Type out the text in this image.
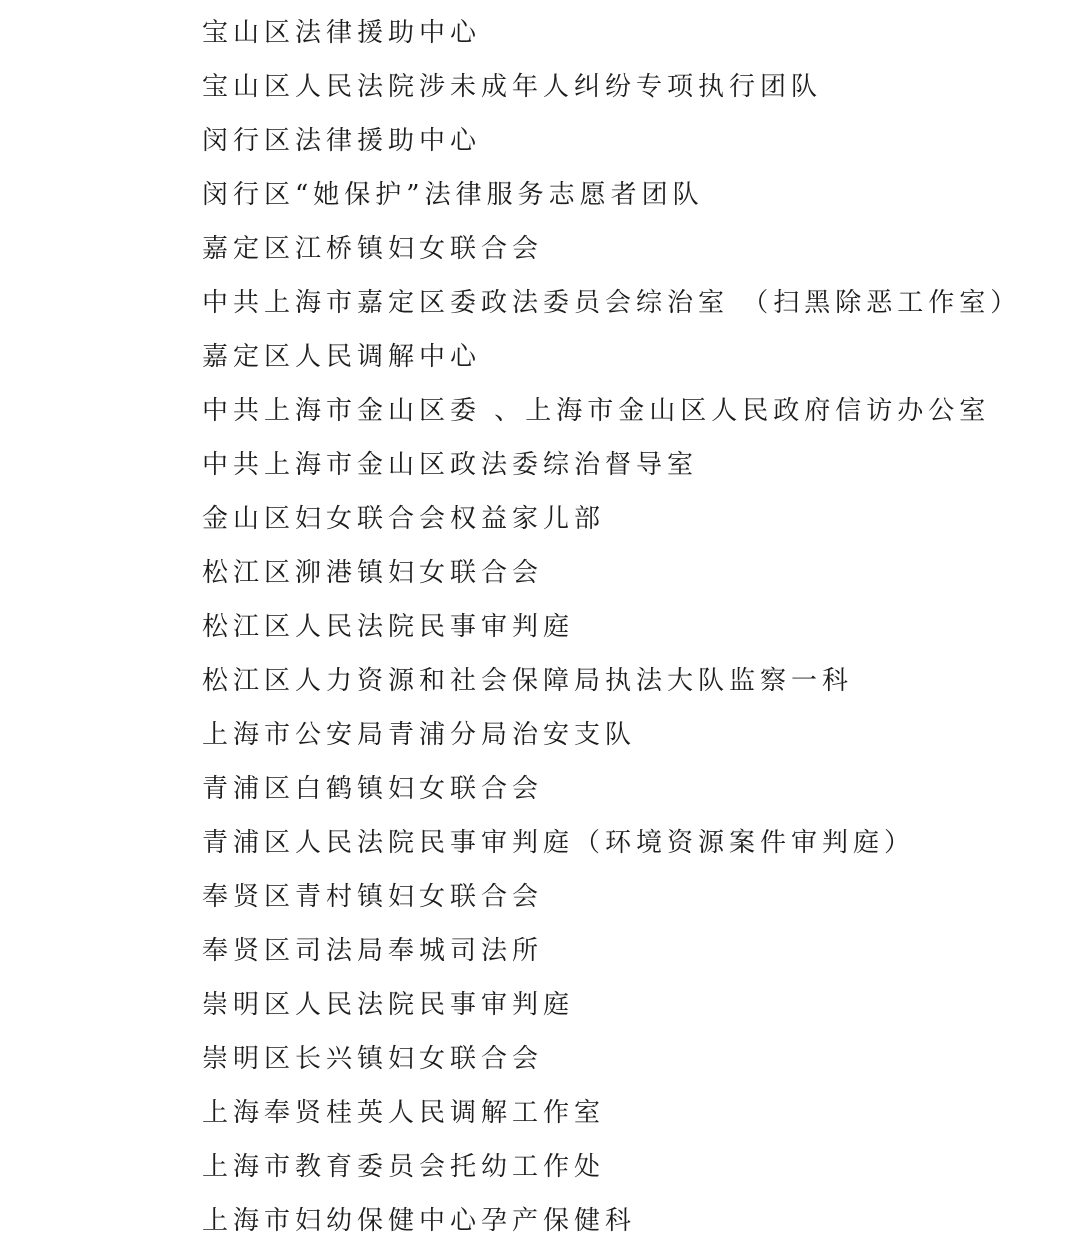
宝山区法律援助中心
宝山区人民法院涉未成年人纠纷专项执行团队
闵行区法律援助中心
闵行区“她保护”法律服务志愿者团队
嘉定区江桥镇妇女联合会
中共上海市嘉定区委政法委员会综治室 （扫黑除恶工作室）
嘉定区人民调解中心
中共上海市金山区委 、上海市金山区人民政府信访办公室
中共上海市金山区政法委综治督导室
金山区妇女联合会权益家儿部
松江区泖港镇妇女联合会
松江区人民法院民事审判庭
松江区人力资源和社会保障局执法大队监察一科
上海市公安局青浦分局治安支队
青浦区白鹤镇妇女联合会
青浦区人民法院民事审判庭（环境资源案件审判庭）
奉贤区青村镇妇女联合会
奉贤区司法局奉城司法所
崇明区人民法院民事审判庭
崇明区长兴镇妇女联合会
上海奉贤桂英人民调解工作室
上海市教育委员会托幼工作处
上海市妇幼保健中心孕产保健科
